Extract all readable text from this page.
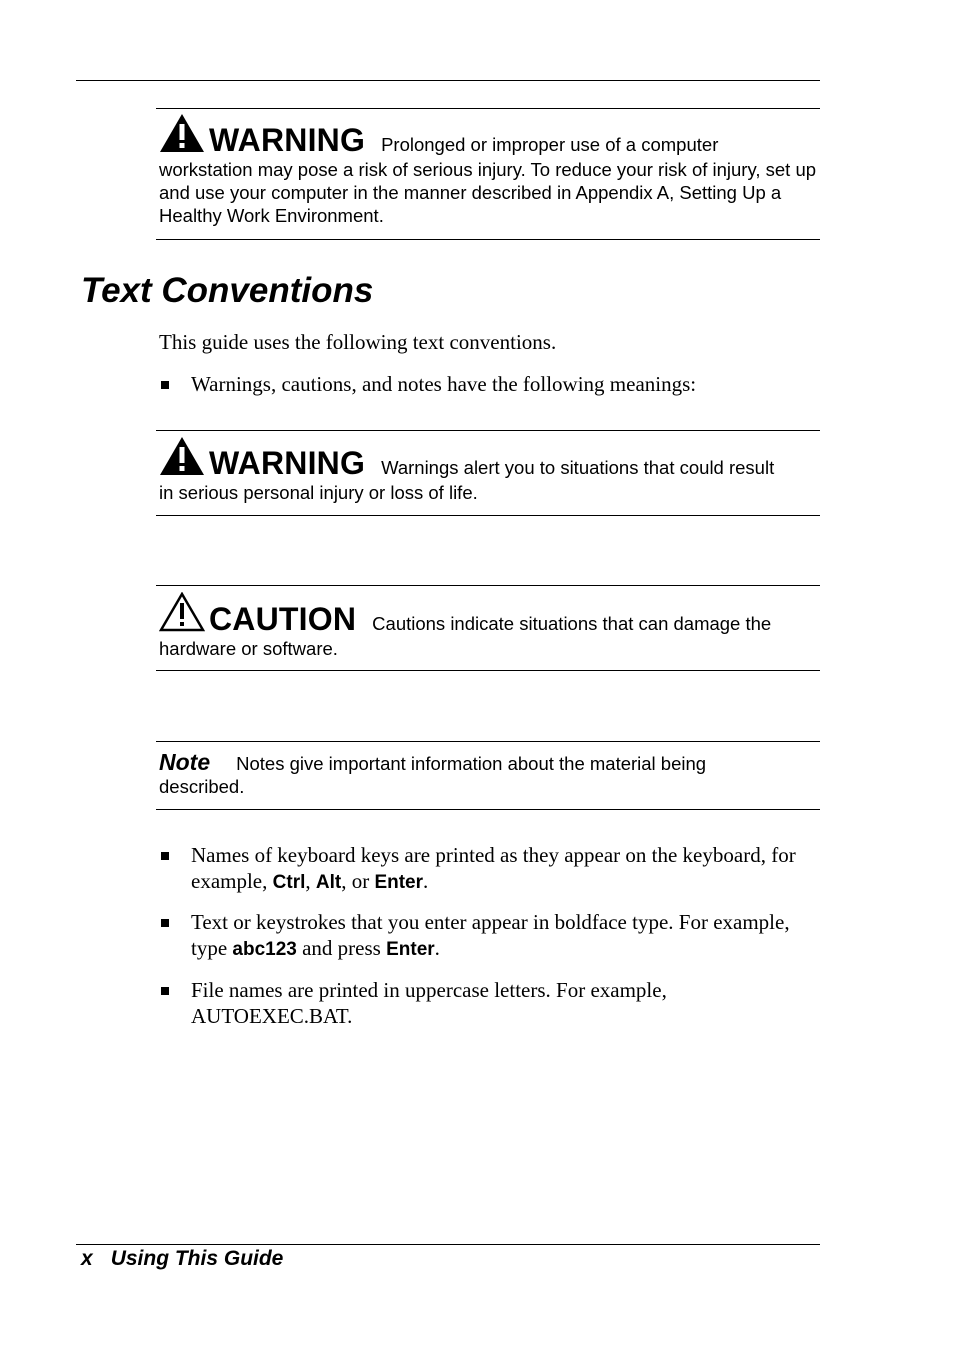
WARNING Prolonged or improper use of a computer
workstation may pose a risk of serious injury. To reduce your risk of injury, set up and use your computer in the manner described in Appendix A, Setting Up a Healthy Work Environment.
Text Conventions

This guide uses the following text conventions.

Warnings, cautions, and notes have the following meanings:
WARNING Warnings alert you to situations that could result
in serious personal injury or loss of life.
CAUTION Cautions indicate situations that can damage the
hardware or software.
Note Notes give important information about the material being
described.
Names of keyboard keys are printed as they appear on the keyboard, for example, Ctrl, Alt, or Enter.
Text or keystrokes that you enter appear in boldface type. For example, type abc123 and press Enter.
File names are printed in uppercase letters. For example, AUTOEXEC.BAT.
x Using This Guide
